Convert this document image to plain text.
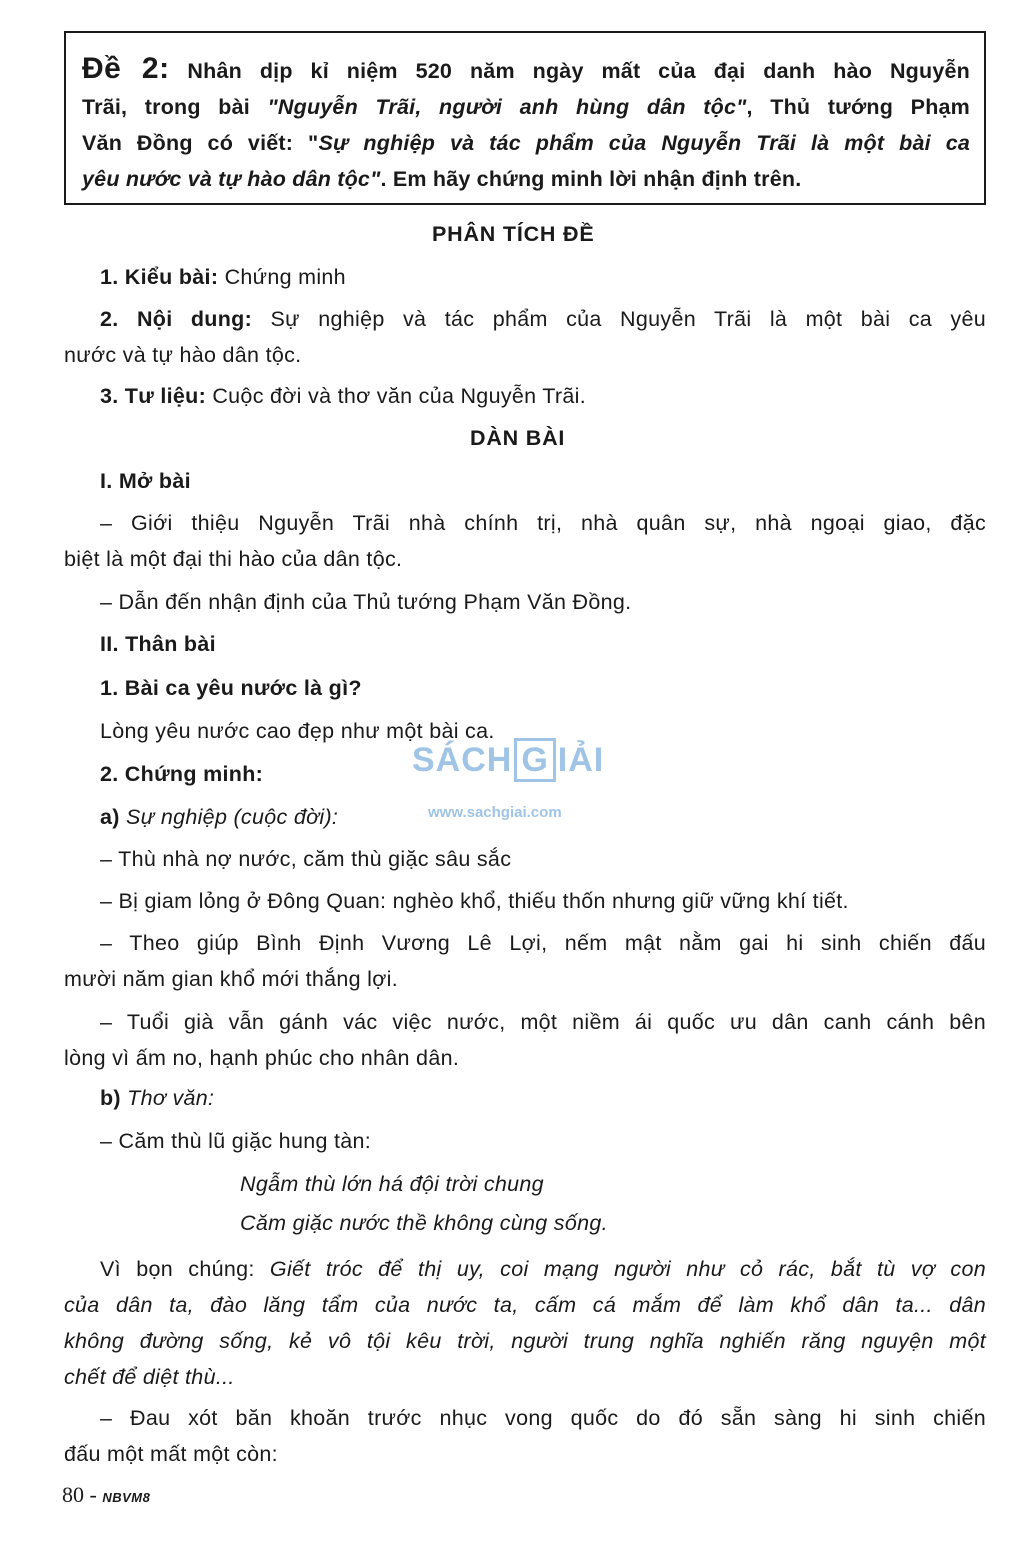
Đề 2: Nhân dịp kỉ niệm 520 năm ngày mất của đại danh hào Nguyễn
Trãi, trong bài "Nguyễn Trãi, người anh hùng dân tộc", Thủ tướng Phạm
Văn Đồng có viết: "Sự nghiệp và tác phẩm của Nguyễn Trãi là một bài ca
yêu nước và tự hào dân tộc". Em hãy chứng minh lời nhận định trên.
PHÂN TÍCH ĐỀ
1. Kiểu bài: Chứng minh
2. Nội dung: Sự nghiệp và tác phẩm của Nguyễn Trãi là một bài ca yêu
nước và tự hào dân tộc.
3. Tư liệu: Cuộc đời và thơ văn của Nguyễn Trãi.
DÀN BÀI
I. Mở bài
– Giới thiệu Nguyễn Trãi nhà chính trị, nhà quân sự, nhà ngoại giao, đặc
biệt là một đại thi hào của dân tộc.
– Dẫn đến nhận định của Thủ tướng Phạm Văn Đồng.
II. Thân bài
1. Bài ca yêu nước là gì?
Lòng yêu nước cao đẹp như một bài ca.
2. Chứng minh:
a) Sự nghiệp (cuộc đời):
– Thù nhà nợ nước, căm thù giặc sâu sắc
– Bị giam lỏng ở Đông Quan: nghèo khổ, thiếu thốn nhưng giữ vững khí tiết.
– Theo giúp Bình Định Vương Lê Lợi, nếm mật nằm gai hi sinh chiến đấu
mười năm gian khổ mới thắng lợi.
– Tuổi già vẫn gánh vác việc nước, một niềm ái quốc ưu dân canh cánh bên
lòng vì ấm no, hạnh phúc cho nhân dân.
b) Thơ văn:
– Căm thù lũ giặc hung tàn:
Ngẫm thù lớn há đội trời chung
Căm giặc nước thề không cùng sống.
Vì bọn chúng: Giết tróc để thị uy, coi mạng người như cỏ rác, bắt tù vợ con
của dân ta, đào lăng tẩm của nước ta, cấm cá mắm để làm khổ dân ta... dân
không đường sống, kẻ vô tội kêu trời, người trung nghĩa nghiến răng nguyện một
chết để diệt thù...
– Đau xót băn khoăn trước nhục vong quốc do đó sẵn sàng hi sinh chiến
đấu một mất một còn:
SÁCH G IẢI
www.sachgiai.com
80 - NBVM8
